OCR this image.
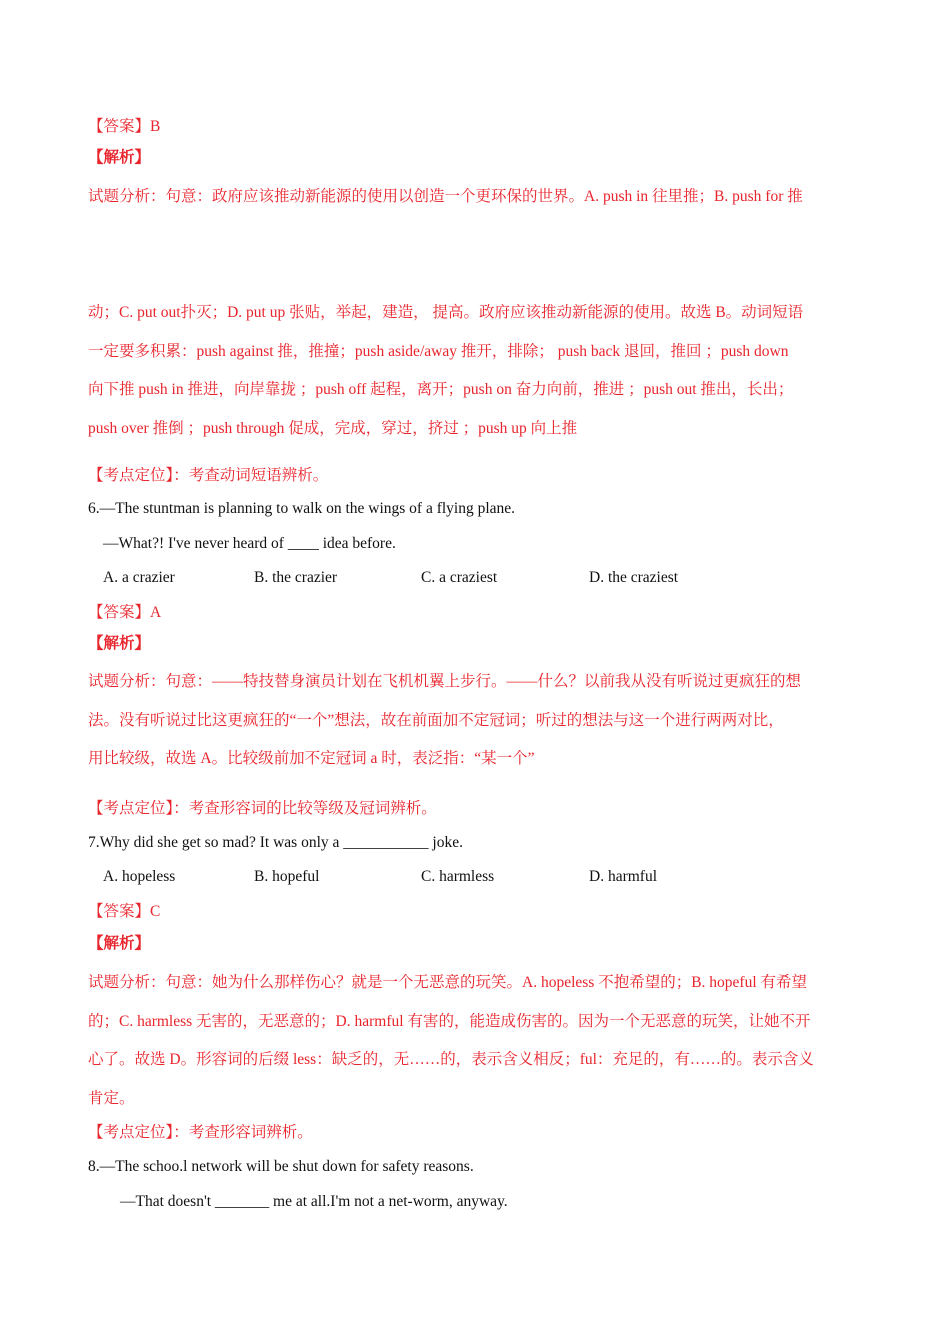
【答案】B
【解析】
试题分析：句意：政府应该推动新能源的使用以创造一个更环保的世界。A. push in 往里推；B. push for 推
动；C. put out扑灭；D. put up 张贴，举起，建造， 提高。政府应该推动新能源的使用。故选 B。动词短语
一定要多积累：push against 推，推撞；push aside/away 推开，排除； push back 退回，推回 ；push down
向下推 push in 推进，向岸靠拢 ；push off 起程，离开；push on 奋力向前，推进 ；push out 推出，长出；
push over 推倒 ；push through 促成，完成，穿过，挤过 ；push up 向上推
【考点定位】：考查动词短语辨析。
6.—The stuntman is planning to walk on the wings of a flying plane.
—What?! I've never heard of ____ idea before.
A. a crazier	B. the crazier	C. a craziest	D. the craziest
【答案】A
【解析】
试题分析：句意：——特技替身演员计划在飞机机翼上步行。——什么？以前我从没有听说过更疯狂的想
法。没有听说过比这更疯狂的“一个”想法，故在前面加不定冠词；听过的想法与这一个进行两两对比，
用比较级，故选 A。比较级前加不定冠词 a 时，表泛指：“某一个”
【考点定位】：考查形容词的比较等级及冠词辨析。
7.Why did she get so mad? It was only a ___________ joke.
A. hopeless	B. hopeful	C. harmless	D. harmful
【答案】C
【解析】
试题分析：句意：她为什么那样伤心？就是一个无恶意的玩笑。A. hopeless 不抱希望的；B. hopeful 有希望
的；C. harmless 无害的，无恶意的；D. harmful 有害的，能造成伤害的。因为一个无恶意的玩笑，让她不开
心了。故选 D。形容词的后缀 less：缺乏的，无……的，表示含义相反；ful：充足的，有……的。表示含义
肯定。
【考点定位】：考查形容词辨析。
8.—The schoo.l network will be shut down for safety reasons.
—That doesn't _______ me at all.I'm not a net-worm, anyway.
